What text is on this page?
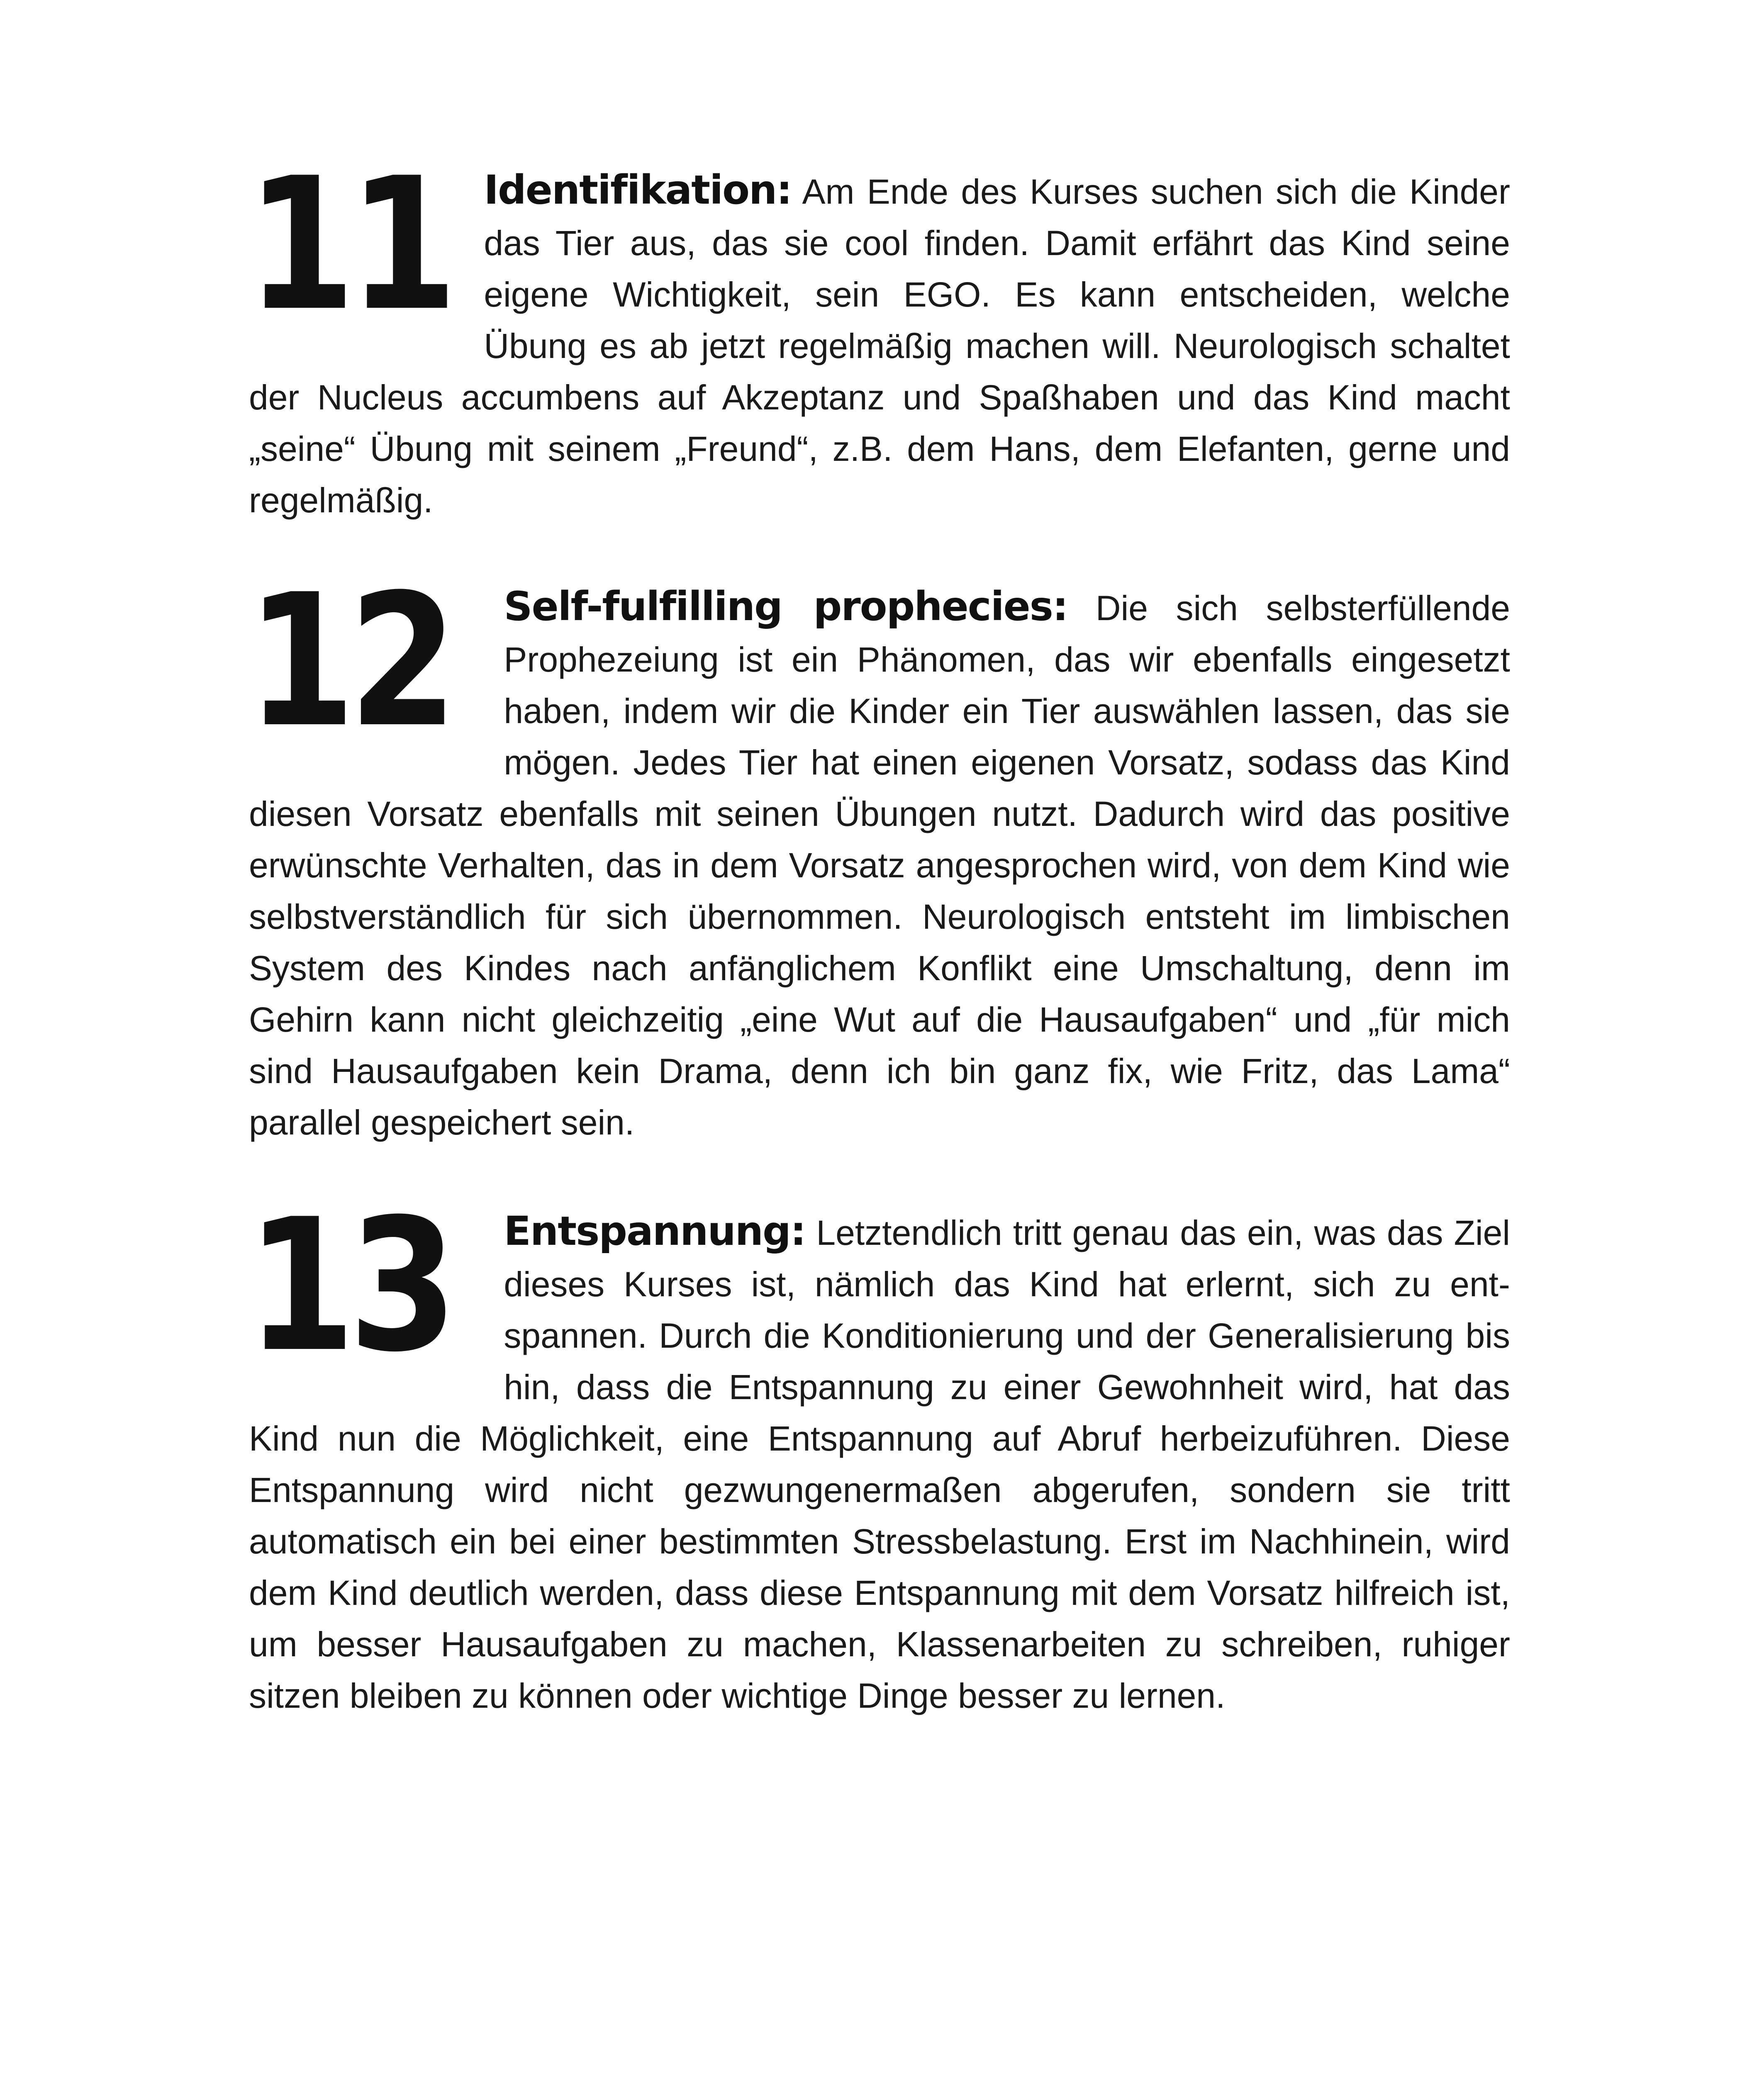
11 Identifikation: Am Ende des Kurses suchen sich die Kinder das Tier aus, das sie cool finden. Damit erfährt das Kind seine eigene Wichtigkeit, sein EGO. Es kann entscheiden, welche Übung es ab jetzt regelmäßig machen will. Neurologisch schaltet der Nucleus accumbens auf Akzeptanz und Spaßhaben und das Kind macht „seine“ Übung mit seinem „Freund“, z.B. dem Hans, dem Elefanten, gerne und regelmäßig.

12	Self-fulfilling prophecies: Die sich selbsterfüllende Prophezeiung ist ein Phänomen, das wir ebenfalls eingesetzt haben, indem wir die Kinder ein Tier auswählen lassen, das sie mögen. Jedes Tier hat einen eigenen Vorsatz, sodass das Kind diesen Vorsatz ebenfalls mit seinen Übungen nutzt. Dadurch wird das positive erwünschte Verhalten, das in dem Vorsatz angesprochen wird, von dem Kind wie selbstverständlich für sich übernommen. Neurologisch entsteht im limbischen System des Kindes nach anfänglichem Konflikt eine Umschaltung, denn im Gehirn kann nicht gleichzeitig „eine Wut auf die Hausaufgaben“ und „für mich sind Hausaufgaben kein Drama, denn ich bin ganz fix, wie Fritz, das Lama“ parallel gespeichert sein.

13	Entspannung: Letztendlich tritt genau das ein, was das Ziel dieses Kurses ist, nämlich das Kind hat erlernt, sich zu entspannen. Durch die Konditionierung und der Generalisierung bis hin, dass die Entspannung zu einer Gewohnheit wird, hat das Kind nun die Möglichkeit, eine Entspannung auf Abruf herbeizuführen. Diese Entspannung wird nicht gezwungenermaßen abgerufen, sondern sie tritt automatisch ein bei einer bestimmten Stressbelastung. Erst im Nachhinein, wird dem Kind deutlich werden, dass diese Entspannung mit dem Vorsatz hilfreich ist, um besser Hausaufgaben zu machen, Klassenarbeiten zu schreiben, ruhiger sitzen bleiben zu können oder wichtige Dinge besser zu lernen.
